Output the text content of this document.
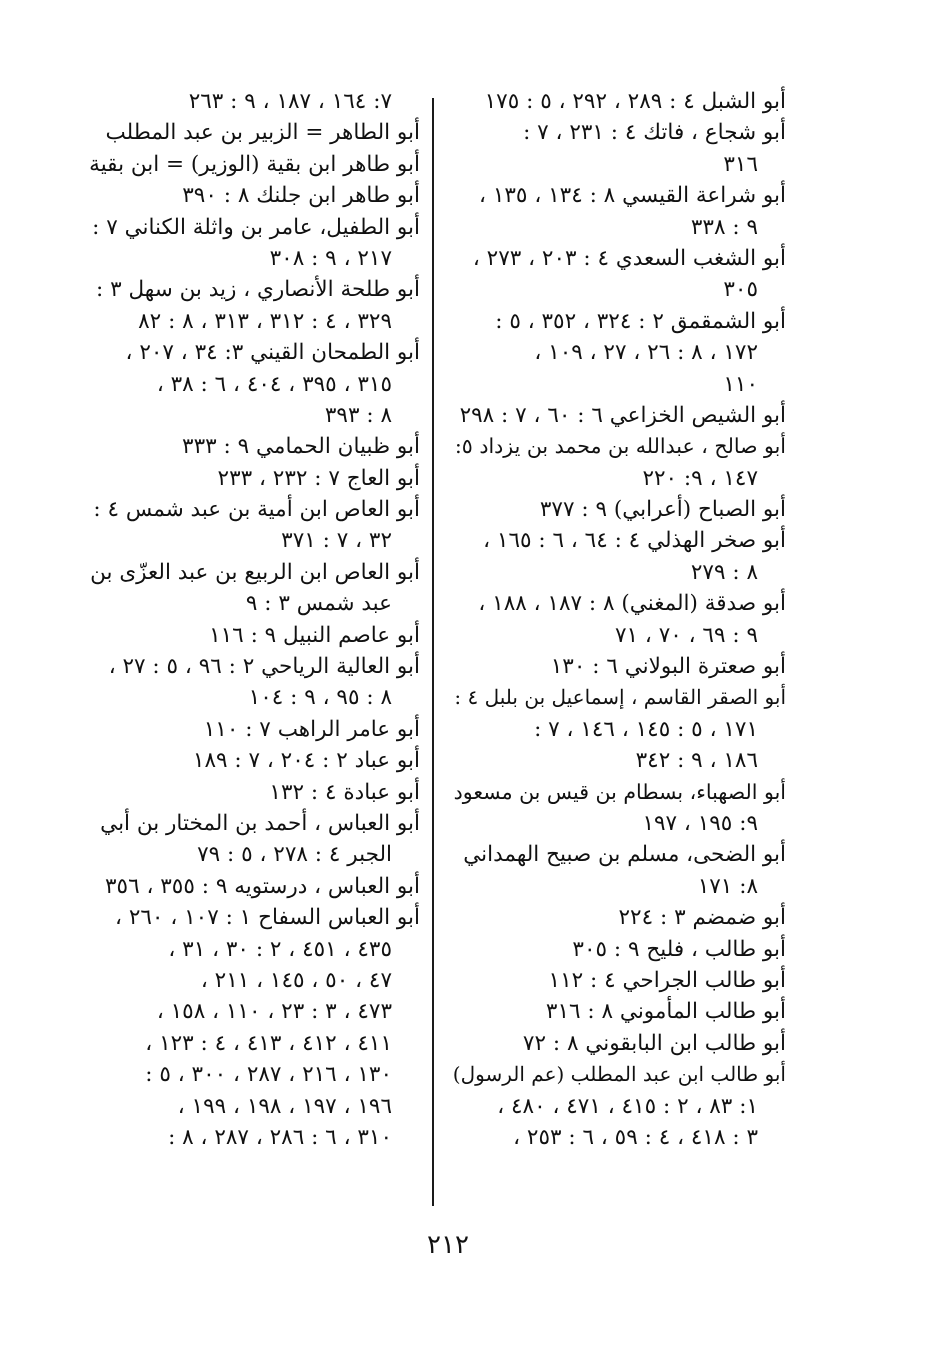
أبو الشبل ٤ : ٢٨٩ ، ٢٩٢ ، ٥ : ١٧٥
أبو شجاع ، فاتك ٤ : ٢٣١ ، ٧ :
٣١٦
أبو شراعة القيسي ٨ : ١٣٤ ، ١٣٥ ،
٩ : ٣٣٨
أبو الشغب السعدي ٤ : ٢٠٣ ، ٢٧٣ ،
٣٠٥
أبو الشمقمق ٢ : ٣٢٤ ، ٣٥٢ ، ٥ :
١٧٢ ، ٨ : ٢٦ ، ٢٧ ، ١٠٩ ،
١١٠
أبو الشيص الخزاعي ٦ : ٦٠ ، ٧ : ٢٩٨
أبو صالح ، عبدالله بن محمد بن يزداد ٥:
١٤٧ ، ٩: ٢٢٠
أبو الصباح (أعرابي) ٩ : ٣٧٧
أبو صخر الهذلي ٤ : ٦٤ ، ٦ : ١٦٥ ،
٨ : ٢٧٩
أبو صدقة (المغني) ٨ : ١٨٧ ، ١٨٨ ،
٩ : ٦٩ ، ٧٠ ، ٧١
أبو صعترة البولاني ٦ : ١٣٠
أبو الصقر القاسم ، إسماعيل بن بلبل ٤ :
١٧١ ، ٥ : ١٤٥ ، ١٤٦ ، ٧ :
١٨٦ ، ٩ : ٣٤٢
أبو الصهباء، بسطام بن قيس بن مسعود
٩: ١٩٥ ، ١٩٧
أبو الضحى، مسلم بن صبيح الهمداني
٨: ١٧١
أبو ضمضم ٣ : ٢٢٤
أبو طالب ، فليح ٩ : ٣٠٥
أبو طالب الجراحي ٤ : ١١٢
أبو طالب المأموني ٨ : ٣١٦
أبو طالب ابن البابقوني ٨ : ٧٢
أبو طالب ابن عبد المطلب (عم الرسول)
١: ٨٣ ، ٢ : ٤١٥ ، ٤٧١ ، ٤٨٠ ،
٣ : ٤١٨ ، ٤ : ٥٩ ، ٦ : ٢٥٣ ،
٧: ١٦٤ ، ١٨٧ ، ٩ : ٢٦٣
أبو الطاهر = الزبير بن عبد المطلب
أبو طاهر ابن بقية (الوزير) = ابن بقية
أبو طاهر ابن جلنك ٨ : ٣٩٠
أبو الطفيل، عامر بن واثلة الكناني ٧ :
٢١٧ ، ٩ : ٣٠٨
أبو طلحة الأنصاري ، زيد بن سهل ٣ :
٣٢٩ ، ٤ : ٣١٢ ، ٣١٣ ، ٨ : ٨٢
أبو الطمحان القيني ٣: ٣٤ ، ٢٠٧ ،
٣١٥ ، ٣٩٥ ، ٤٠٤ ، ٦ : ٣٨ ،
٨ : ٣٩٣
أبو ظبيان الحمامي ٩ : ٣٣٣
أبو العاج ٧ : ٢٣٢ ، ٢٣٣
أبو العاص ابن أمية بن عبد شمس ٤ :
٣٢ ، ٧ : ٣٧١
أبو العاص ابن الربيع بن عبد العزّى بن
عبد شمس ٣ : ٩
أبو عاصم النبيل ٩ : ١١٦
أبو العالية الرياحي ٢ : ٩٦ ، ٥ : ٢٧ ،
٨ : ٩٥ ، ٩ : ١٠٤
أبو عامر الراهب ٧ : ١١٠
أبو عباد ٢ : ٢٠٤ ، ٧ : ١٨٩
أبو عبادة ٤ : ١٣٢
أبو العباس ، أحمد بن المختار بن أبي
الجبر ٤ : ٢٧٨ ، ٥ : ٧٩
أبو العباس ، درستويه ٩ : ٣٥٥ ، ٣٥٦
أبو العباس السفاح ١ : ١٠٧ ، ٢٦٠ ،
٤٣٥ ، ٤٥١ ، ٢ : ٣٠ ، ٣١ ،
٤٧ ، ٥٠ ، ١٤٥ ، ٢١١ ،
٤٧٣ ، ٣ : ٢٣ ، ١١٠ ، ١٥٨ ،
٤١١ ، ٤١٢ ، ٤١٣ ، ٤ : ١٢٣ ،
١٣٠ ، ٢١٦ ، ٢٨٧ ، ٣٠٠ ، ٥ :
١٩٦ ، ١٩٧ ، ١٩٨ ، ١٩٩ ،
٣١٠ ، ٦ : ٢٨٦ ، ٢٨٧ ، ٨ :
٢١٢
